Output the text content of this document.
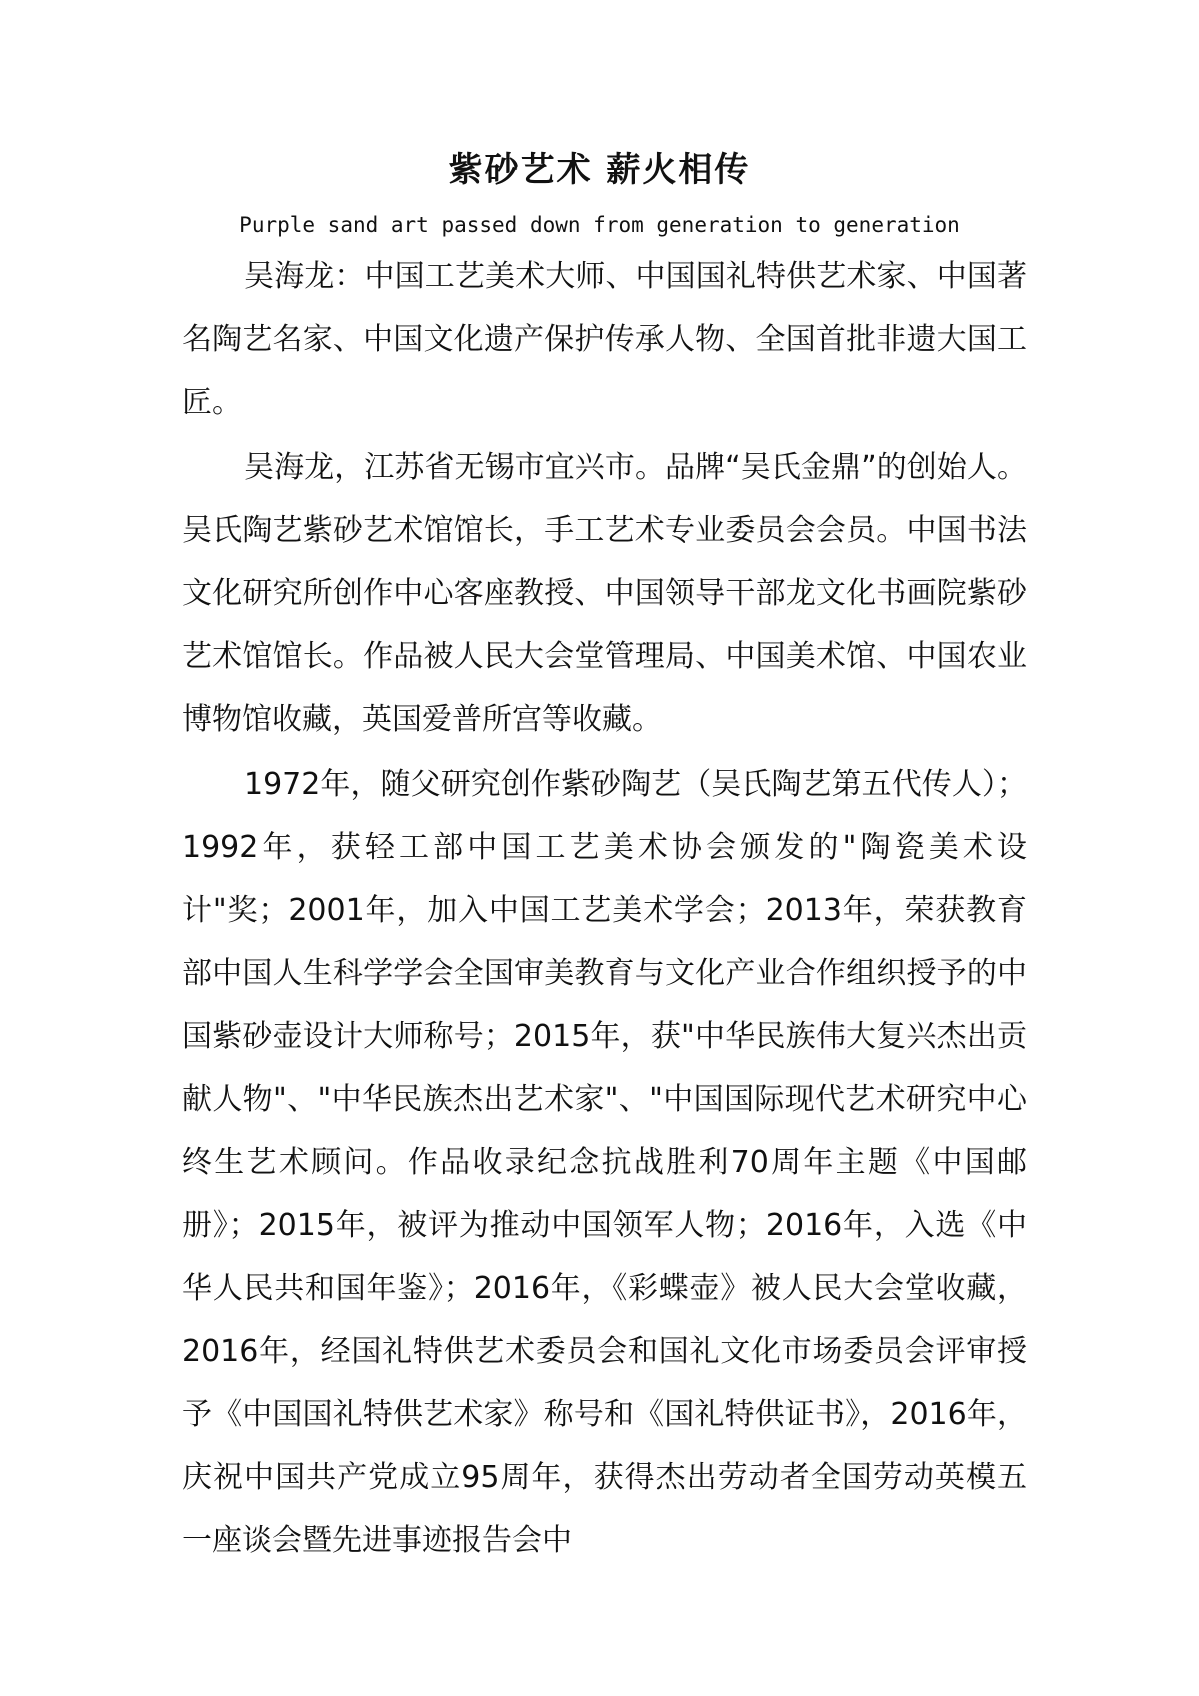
紫砂艺术 薪火相传

Purple sand art passed down from generation to generation

吴海龙：中国工艺美术大师、中国国礼特供艺术家、中国著名陶艺名家、中国文化遗产保护传承人物、全国首批非遗大国工匠。

吴海龙，江苏省无锡市宜兴市。品牌“吴氏金鼎”的创始人。吴氏陶艺紫砂艺术馆馆长，手工艺术专业委员会会员。中国书法文化研究所创作中心客座教授、中国领导干部龙文化书画院紫砂艺术馆馆长。作品被人民大会堂管理局、中国美术馆、中国农业博物馆收藏，英国爱普所宫等收藏。

1972年，随父研究创作紫砂陶艺（吴氏陶艺第五代传人）；1992年，获轻工部中国工艺美术协会颁发的"陶瓷美术设计"奖；2001年，加入中国工艺美术学会；2013年，荣获教育部中国人生科学学会全国审美教育与文化产业合作组织授予的中国紫砂壶设计大师称号；2015年，获"中华民族伟大复兴杰出贡献人物"、"中华民族杰出艺术家"、"中国国际现代艺术研究中心终生艺术顾问。作品收录纪念抗战胜利70周年主题《中国邮册》；2015年，被评为推动中国领军人物；2016年，入选《中华人民共和国年鉴》；2016年，《彩蝶壶》被人民大会堂收藏，2016年，经国礼特供艺术委员会和国礼文化市场委员会评审授予《中国国礼特供艺术家》称号和《国礼特供证书》，2016年，庆祝中国共产党成立95周年，获得杰出劳动者全国劳动英模五一座谈会暨先进事迹报告会中
